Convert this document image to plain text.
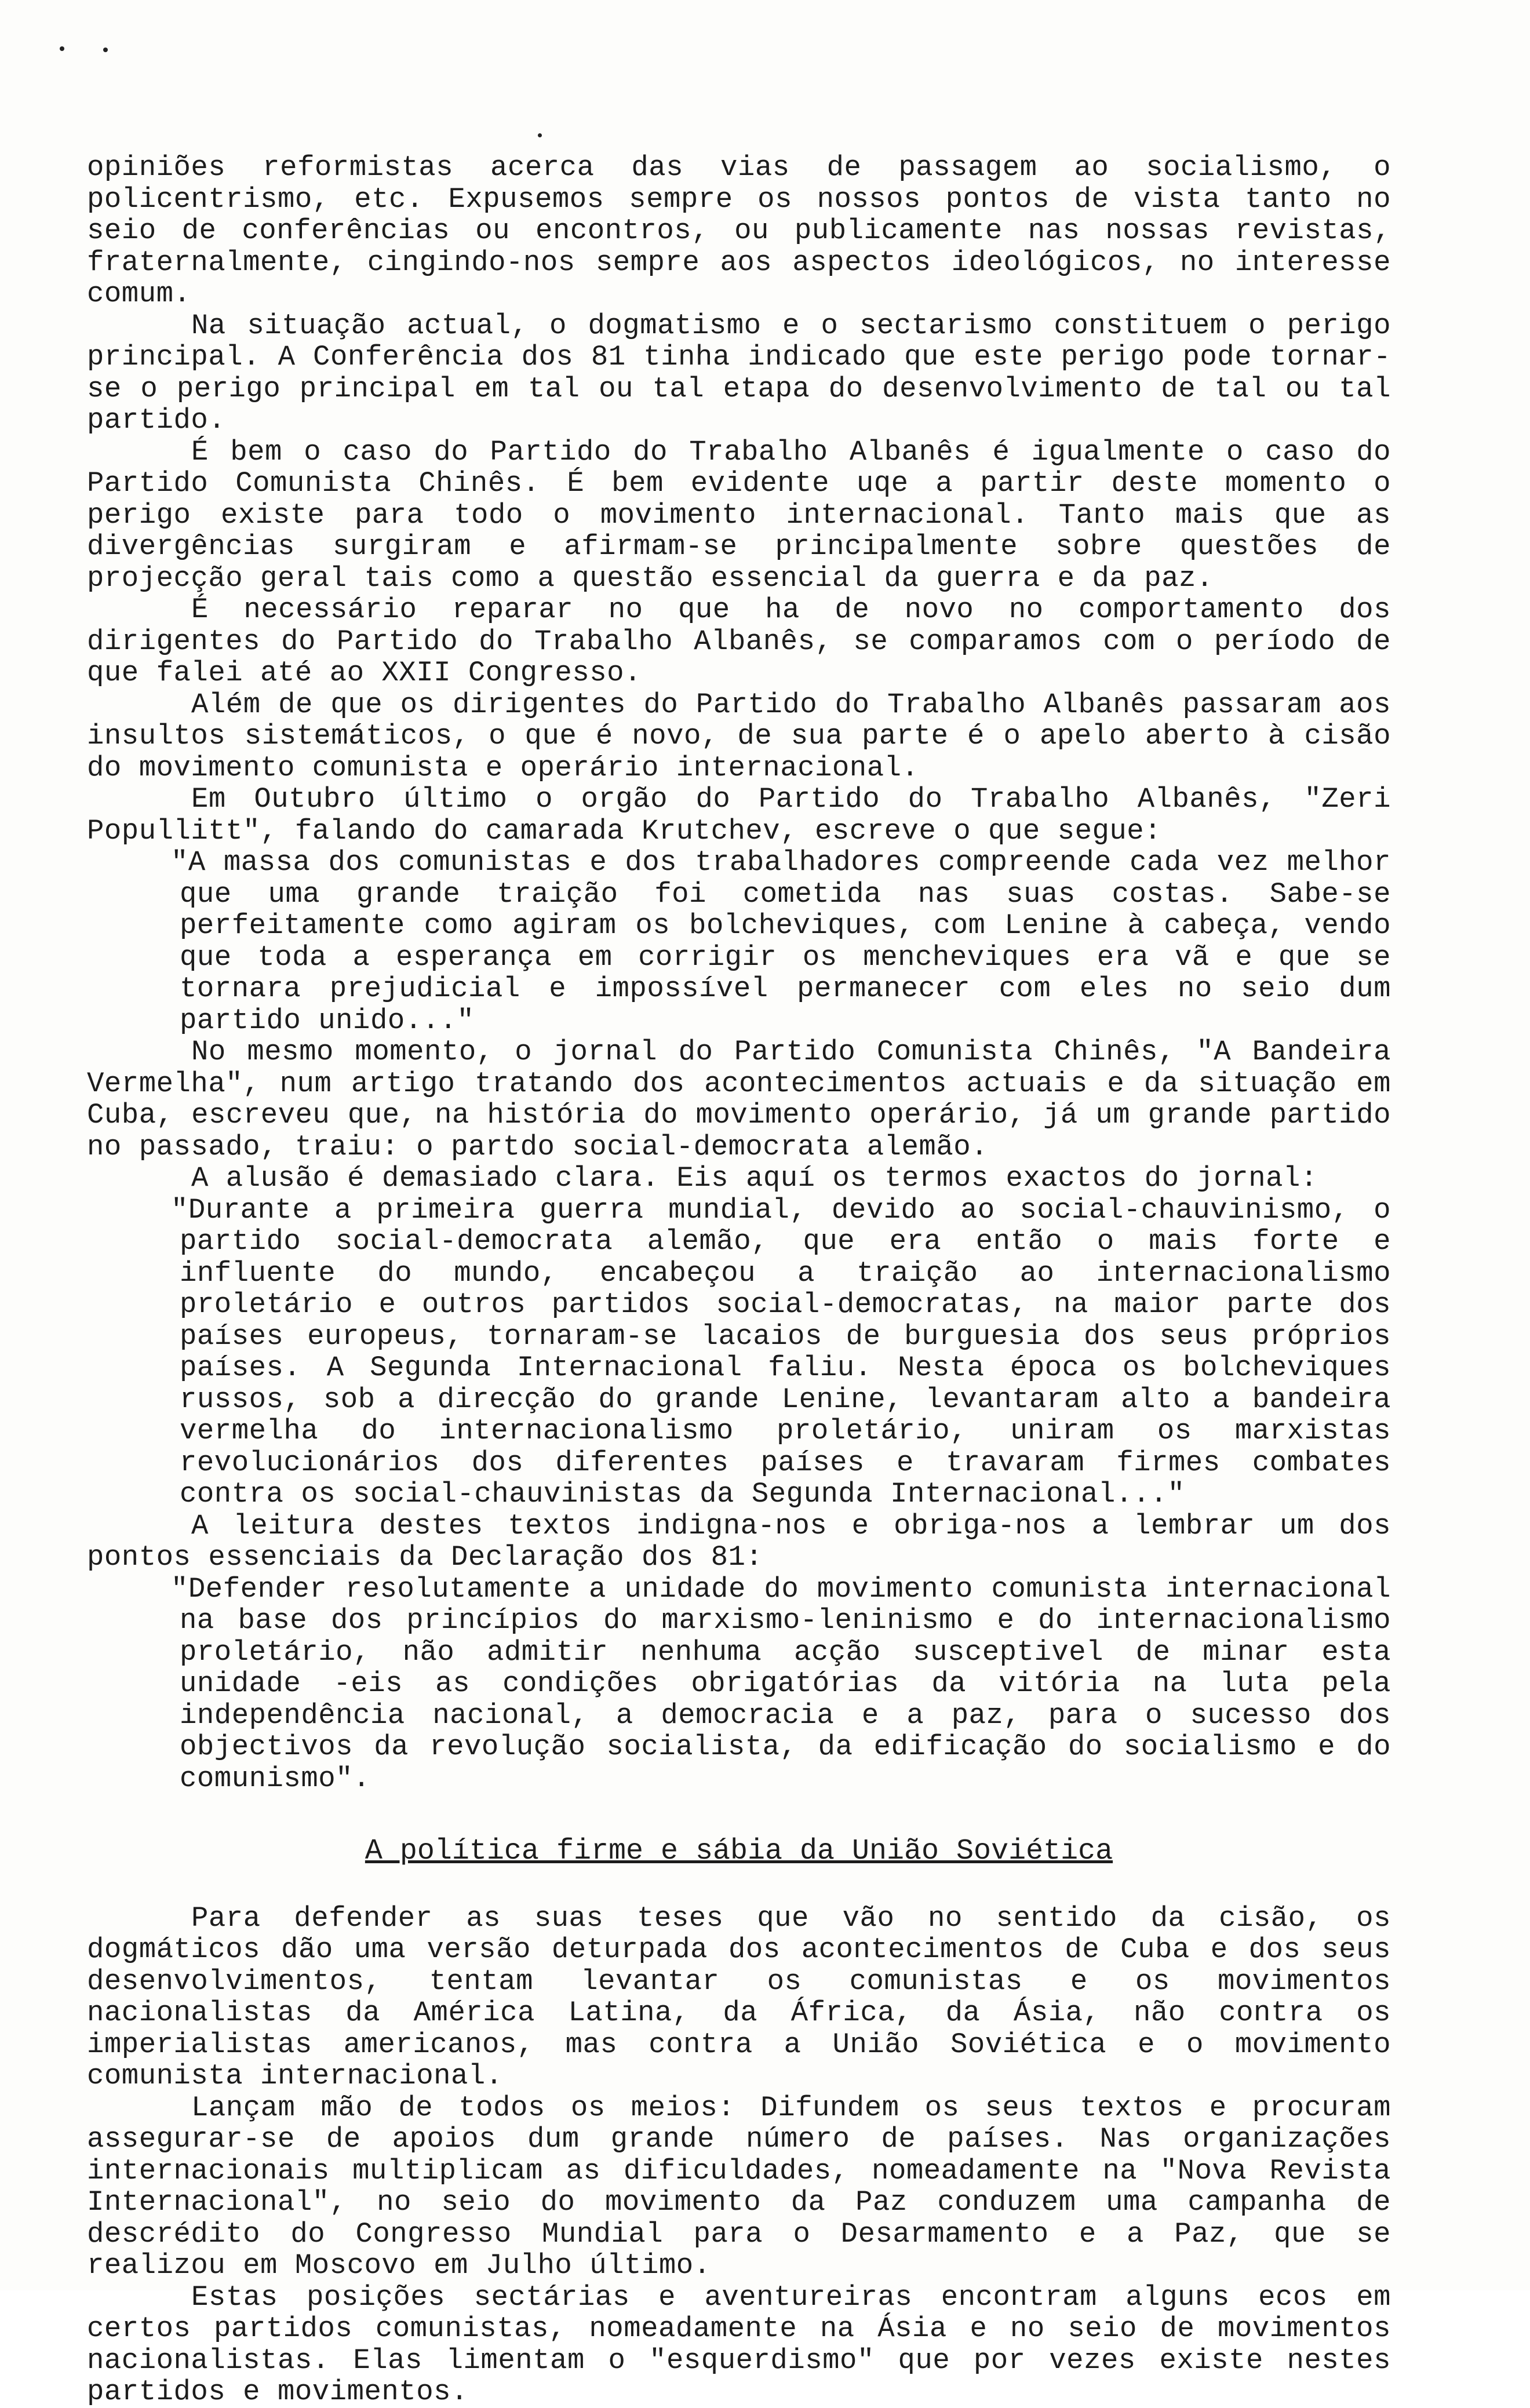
opiniões reformistas acerca das vias de passagem ao socialismo, o policentrismo, etc. Expusemos sempre os nossos pontos de vista tanto no seio de conferências ou encontros, ou publicamente nas nossas revistas, fraternalmente, cingindo-nos sempre aos aspectos ideológicos, no interesse comum.

Na situação actual, o dogmatismo e o sectarismo constituem o perigo principal. A Conferência dos 81 tinha indicado que este perigo pode tornar-se o perigo principal em tal ou tal etapa do desenvolvimento de tal ou tal partido.

É bem o caso do Partido do Trabalho Albanês é igualmente o caso do Partido Comunista Chinês. É bem evidente uqe a partir deste momento o perigo existe para todo o movimento internacional. Tanto mais que as divergências surgiram e afirmam-se principalmente sobre questões de projecção geral tais como a questão essencial da guerra e da paz.

É necessário reparar no que ha de novo no comportamento dos dirigentes do Partido do Trabalho Albanês, se comparamos com o período de que falei até ao XXII Congresso.

Além de que os dirigentes do Partido do Trabalho Albanês passaram aos insultos sistemáticos, o que é novo, de sua parte é o apelo aberto à cisão do movimento comunista e operário internacional.

Em Outubro último o orgão do Partido do Trabalho Albanês, "Zeri Popullitt", falando do camarada Krutchev, escreve o que segue:

"A massa dos comunistas e dos trabalhadores compreende cada vez melhor que uma grande traição foi cometida nas suas costas. Sabe-se perfeitamente como agiram os bolcheviques, com Lenine à cabeça, vendo que toda a esperança em corrigir os mencheviques era vã e que se tornara prejudicial e impossível permanecer com eles no seio dum partido unido..."

No mesmo momento, o jornal do Partido Comunista Chinês, "A Bandeira Vermelha", num artigo tratando dos acontecimentos actuais e da situação em Cuba, escreveu que, na história do movimento operário, já um grande partido no passado, traiu: o partdo social-democrata alemão.

A alusão é demasiado clara. Eis aquí os termos exactos do jornal:

"Durante a primeira guerra mundial, devido ao social-chauvinismo, o partido social-democrata alemão, que era então o mais forte e influente do mundo, encabeçou a traição ao internacionalismo proletário e outros partidos social-democratas, na maior parte dos países europeus, tornaram-se lacaios de burguesia dos seus próprios países. A Segunda Internacional faliu. Nesta época os bolcheviques russos, sob a direcção do grande Lenine, levantaram alto a bandeira vermelha do internacionalismo proletário, uniram os marxistas revolucionários dos diferentes países e travaram firmes combates contra os social-chauvinistas da Segunda Internacional..."

A leitura destes textos indigna-nos e obriga-nos a lembrar um dos pontos essenciais da Declaração dos 81:

"Defender resolutamente a unidade do movimento comunista internacional na base dos princípios do marxismo-leninismo e do internacionalismo proletário, não admitir nenhuma acção susceptivel de minar esta unidade -eis as condições obrigatórias da vitória na luta pela independência nacional, a democracia e a paz, para o sucesso dos objectivos da revolução socialista, da edificação do socialismo e do comunismo".

A política firme e sábia da União Soviética

Para defender as suas teses que vão no sentido da cisão, os dogmáticos dão uma versão deturpada dos acontecimentos de Cuba e dos seus desenvolvimentos, tentam levantar os comunistas e os movimentos nacionalistas da América Latina, da África, da Ásia, não contra os imperialistas americanos, mas contra a União Soviética e o movimento comunista internacional.

Lançam mão de todos os meios: Difundem os seus textos e procuram assegurar-se de apoios dum grande número de países. Nas organizações internacionais multiplicam as dificuldades, nomeadamente na "Nova Revista Internacional", no seio do movimento da Paz conduzem uma campanha de descrédito do Congresso Mundial para o Desarmamento e a Paz, que se realizou em Moscovo em Julho último.

Estas posições sectárias e aventureiras encontram alguns ecos em certos partidos comunistas, nomeadamente na Ásia e no seio de movimentos nacionalistas. Elas limentam o "esquerdismo" que por vezes existe nestes partidos e movimentos.
